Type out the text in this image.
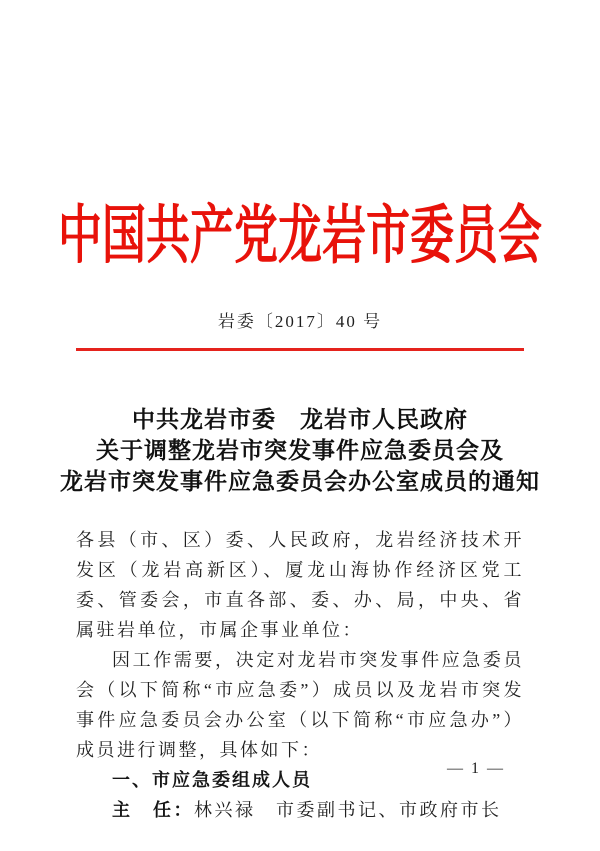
中国共产党龙岩市委员会
岩委〔2017〕40 号
中共龙岩市委　龙岩市人民政府
关于调整龙岩市突发事件应急委员会及
龙岩市突发事件应急委员会办公室成员的通知

各县（市、区）委、人民政府，龙岩经济技术开发区（龙岩高新区）、厦龙山海协作经济区党工委、管委会，市直各部、委、办、局，中央、省属驻岩单位，市属企事业单位：

因工作需要，决定对龙岩市突发事件应急委员会（以下简称“市应急委”）成员以及龙岩市突发事件应急委员会办公室（以下简称“市应急办”）成员进行调整，具体如下：

一、市应急委组成人员

主　任：林兴禄　市委副书记、市政府市长

— 1 —
